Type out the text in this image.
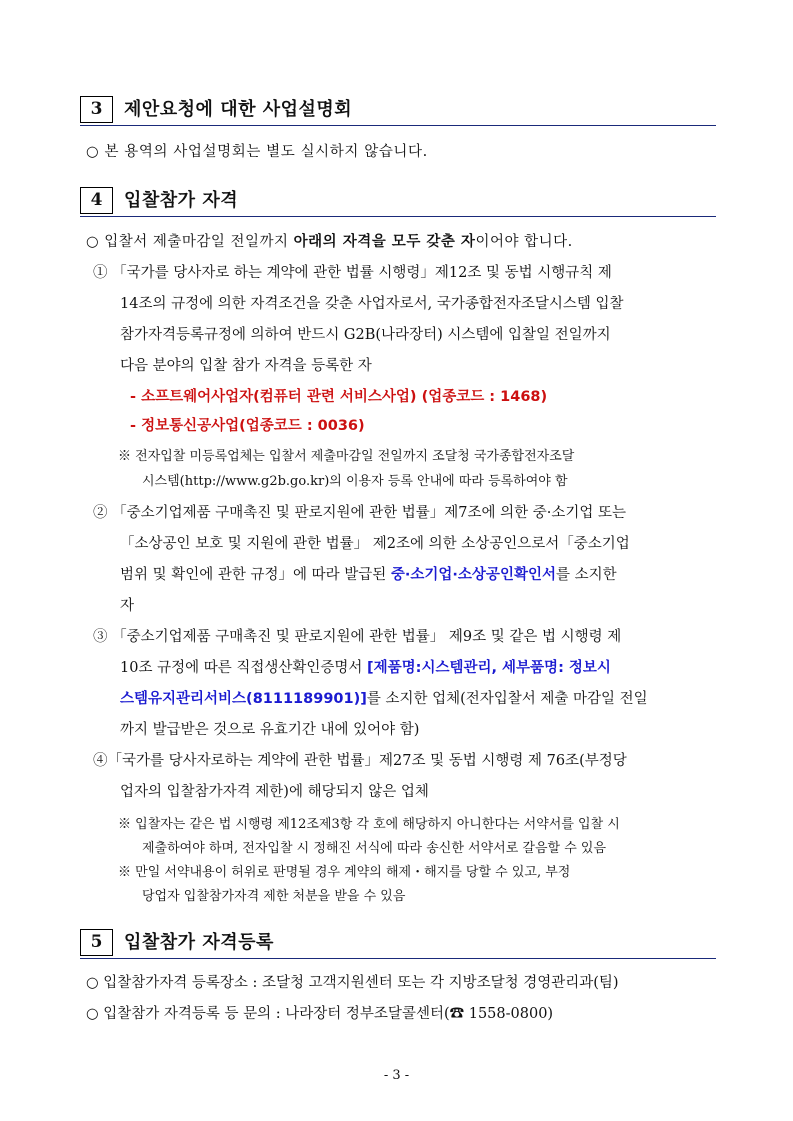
3	제안요청에 대한 사업설명회
○ 본 용역의 사업설명회는 별도 실시하지 않습니다.
4	입찰참가 자격
○ 입찰서 제출마감일 전일까지 아래의 자격을 모두 갖춘 자이어야 합니다.
① 「국가를 당사자로 하는 계약에 관한 법률 시행령」제12조 및 동법 시행규칙 제
14조의 규정에 의한 자격조건을 갖춘 사업자로서, 국가종합전자조달시스템 입찰
참가자격등록규정에 의하여 반드시 G2B(나라장터) 시스템에 입찰일 전일까지
다음 분야의 입찰 참가 자격을 등록한 자
- 소프트웨어사업자(컴퓨터 관련 서비스사업) (업종코드 : 1468)
- 정보통신공사업(업종코드 : 0036)
※ 전자입찰 미등록업체는 입찰서 제출마감일 전일까지 조달청 국가종합전자조달
시스템(http://www.g2b.go.kr)의 이용자 등록 안내에 따라 등록하여야 함
② 「중소기업제품 구매촉진 및 판로지원에 관한 법률」제7조에 의한 중·소기업 또는
「소상공인 보호 및 지원에 관한 법률」 제2조에 의한 소상공인으로서「중소기업
범위 및 확인에 관한 규정」에 따라 발급된 중·소기업·소상공인확인서를 소지한
자
③ 「중소기업제품 구매촉진 및 판로지원에 관한 법률」 제9조 및 같은 법 시행령 제
10조 규정에 따른 직접생산확인증명서 [제품명:시스템관리, 세부품명: 정보시
스템유지관리서비스(8111189901)]를 소지한 업체(전자입찰서 제출 마감일 전일
까지 발급받은 것으로 유효기간 내에 있어야 함)
④「국가를 당사자로하는 계약에 관한 법률」제27조 및 동법 시행령 제 76조(부정당
업자의 입찰참가자격 제한)에 해당되지 않은 업체
※ 입찰자는 같은 법 시행령 제12조제3항 각 호에 해당하지 아니한다는 서약서를 입찰 시
제출하여야 하며, 전자입찰 시 정해진 서식에 따라 송신한 서약서로 갈음할 수 있음
※ 만일 서약내용이 허위로 판명될 경우 계약의 해제・해지를 당할 수 있고, 부정
당업자 입찰참가자격 제한 처분을 받을 수 있음
5	입찰참가 자격등록
○ 입찰참가자격 등록장소 : 조달청 고객지원센터 또는 각 지방조달청 경영관리과(팀)
○ 입찰참가 자격등록 등 문의 : 나라장터 정부조달콜센터(☎ 1558-0800)
- 3 -
